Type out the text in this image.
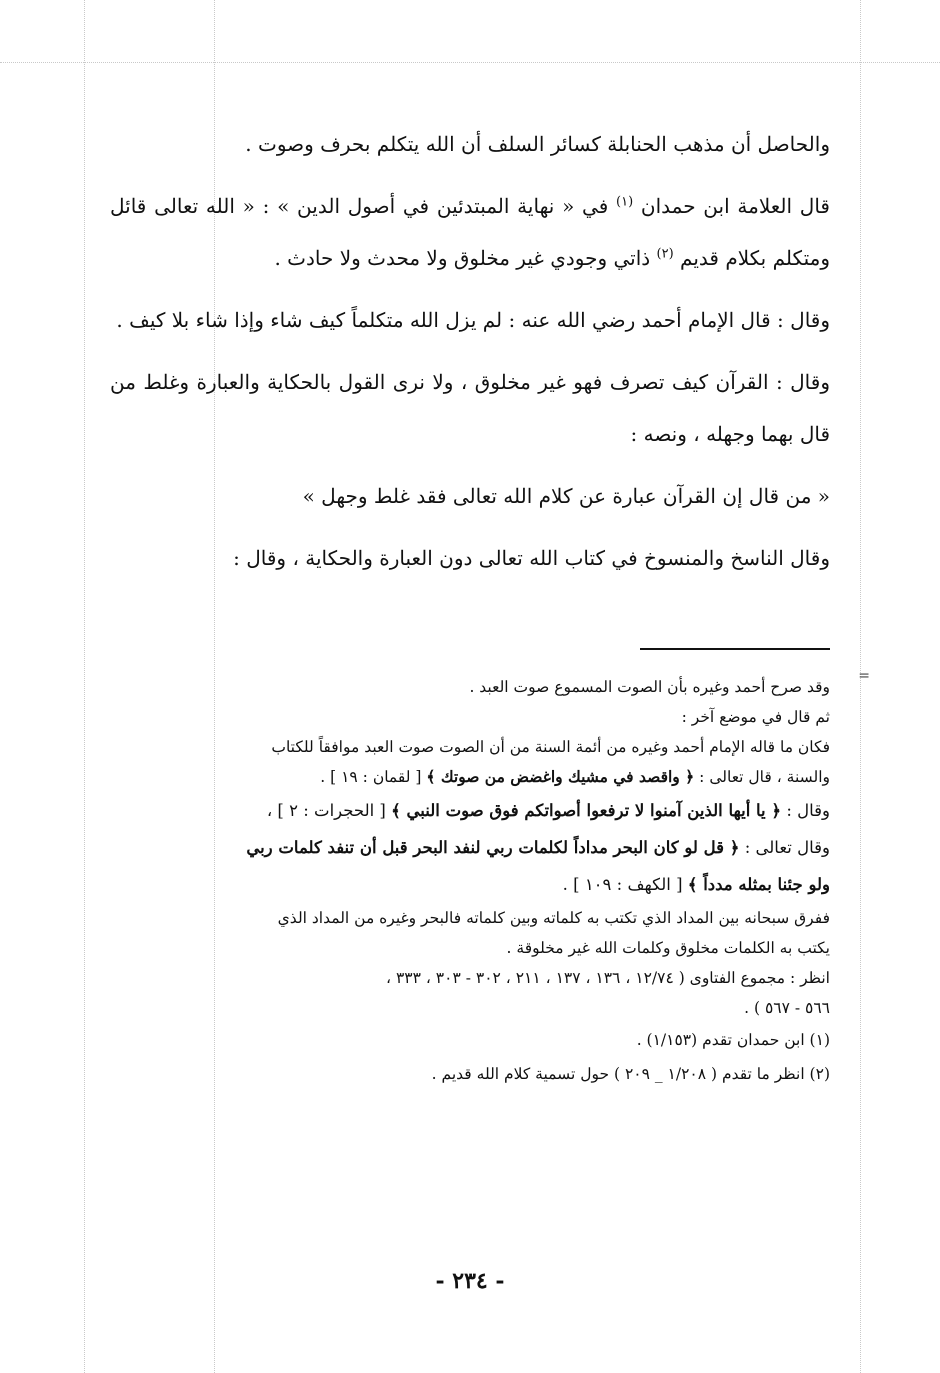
والحاصل أن مذهب الحنابلة كسائر السلف أن الله يتكلم بحرف وصوت .

قال العلامة ابن حمدان $^{(١)}$ في « نهاية المبتدئين في أصول الدين » : « الله تعالى قائل ومتكلم بكلام قديم $^{(٢)}$ ذاتي وجودي غير مخلوق ولا محدث ولا حادث .

وقال : قال الإمام أحمد رضي الله عنه : لم يزل الله متكلماً كيف شاء وإذا شاء بلا كيف .

وقال : القرآن كيف تصرف فهو غير مخلوق ، ولا نرى القول بالحكاية والعبارة وغلط من قال بهما وجهله ، ونصه :

« من قال إن القرآن عبارة عن كلام الله تعالى فقد غلط وجهل »

وقال الناسخ والمنسوخ في كتاب الله تعالى دون العبارة والحكاية ، وقال :

=

وقد صرح أحمد وغيره بأن الصوت المسموع صوت العبد .

ثم قال في موضع آخر :

فكان ما قاله الإمام أحمد وغيره من أئمة السنة من أن الصوت صوت العبد موافقاً للكتاب

والسنة ، قال تعالى : ﴿ واقصد في مشيك واغضض من صوتك ﴾ [ لقمان : ١٩ ] .

وقال : ﴿ يا أيها الذين آمنوا لا ترفعوا أصواتكم فوق صوت النبي ﴾ [ الحجرات : ٢ ] ،

وقال تعالى : ﴿ قل لو كان البحر مداداً لكلمات ربي لنفد البحر قبل أن تنفد كلمات ربي

ولو جئنا بمثله مدداً ﴾ [ الكهف : ١٠٩ ] .

ففرق سبحانه بين المداد الذي تكتب به كلماته وبين كلماته فالبحر وغيره من المداد الذي

يكتب به الكلمات مخلوق وكلمات الله غير مخلوقة .

انظر : مجموع الفتاوى ( ١٢/٧٤ ، ١٣٦ ، ١٣٧ ، ٢١١ ، ٣٠٢ - ٣٠٣ ، ٣٣٣ ،

٥٦٦ - ٥٦٧ ) .

(١) ابن حمدان تقدم (١/١٥٣) .

(٢) انظر ما تقدم ( ١/٢٠٨ _ ٢٠٩ ) حول تسمية كلام الله قديم .

- ٢٣٤ -
